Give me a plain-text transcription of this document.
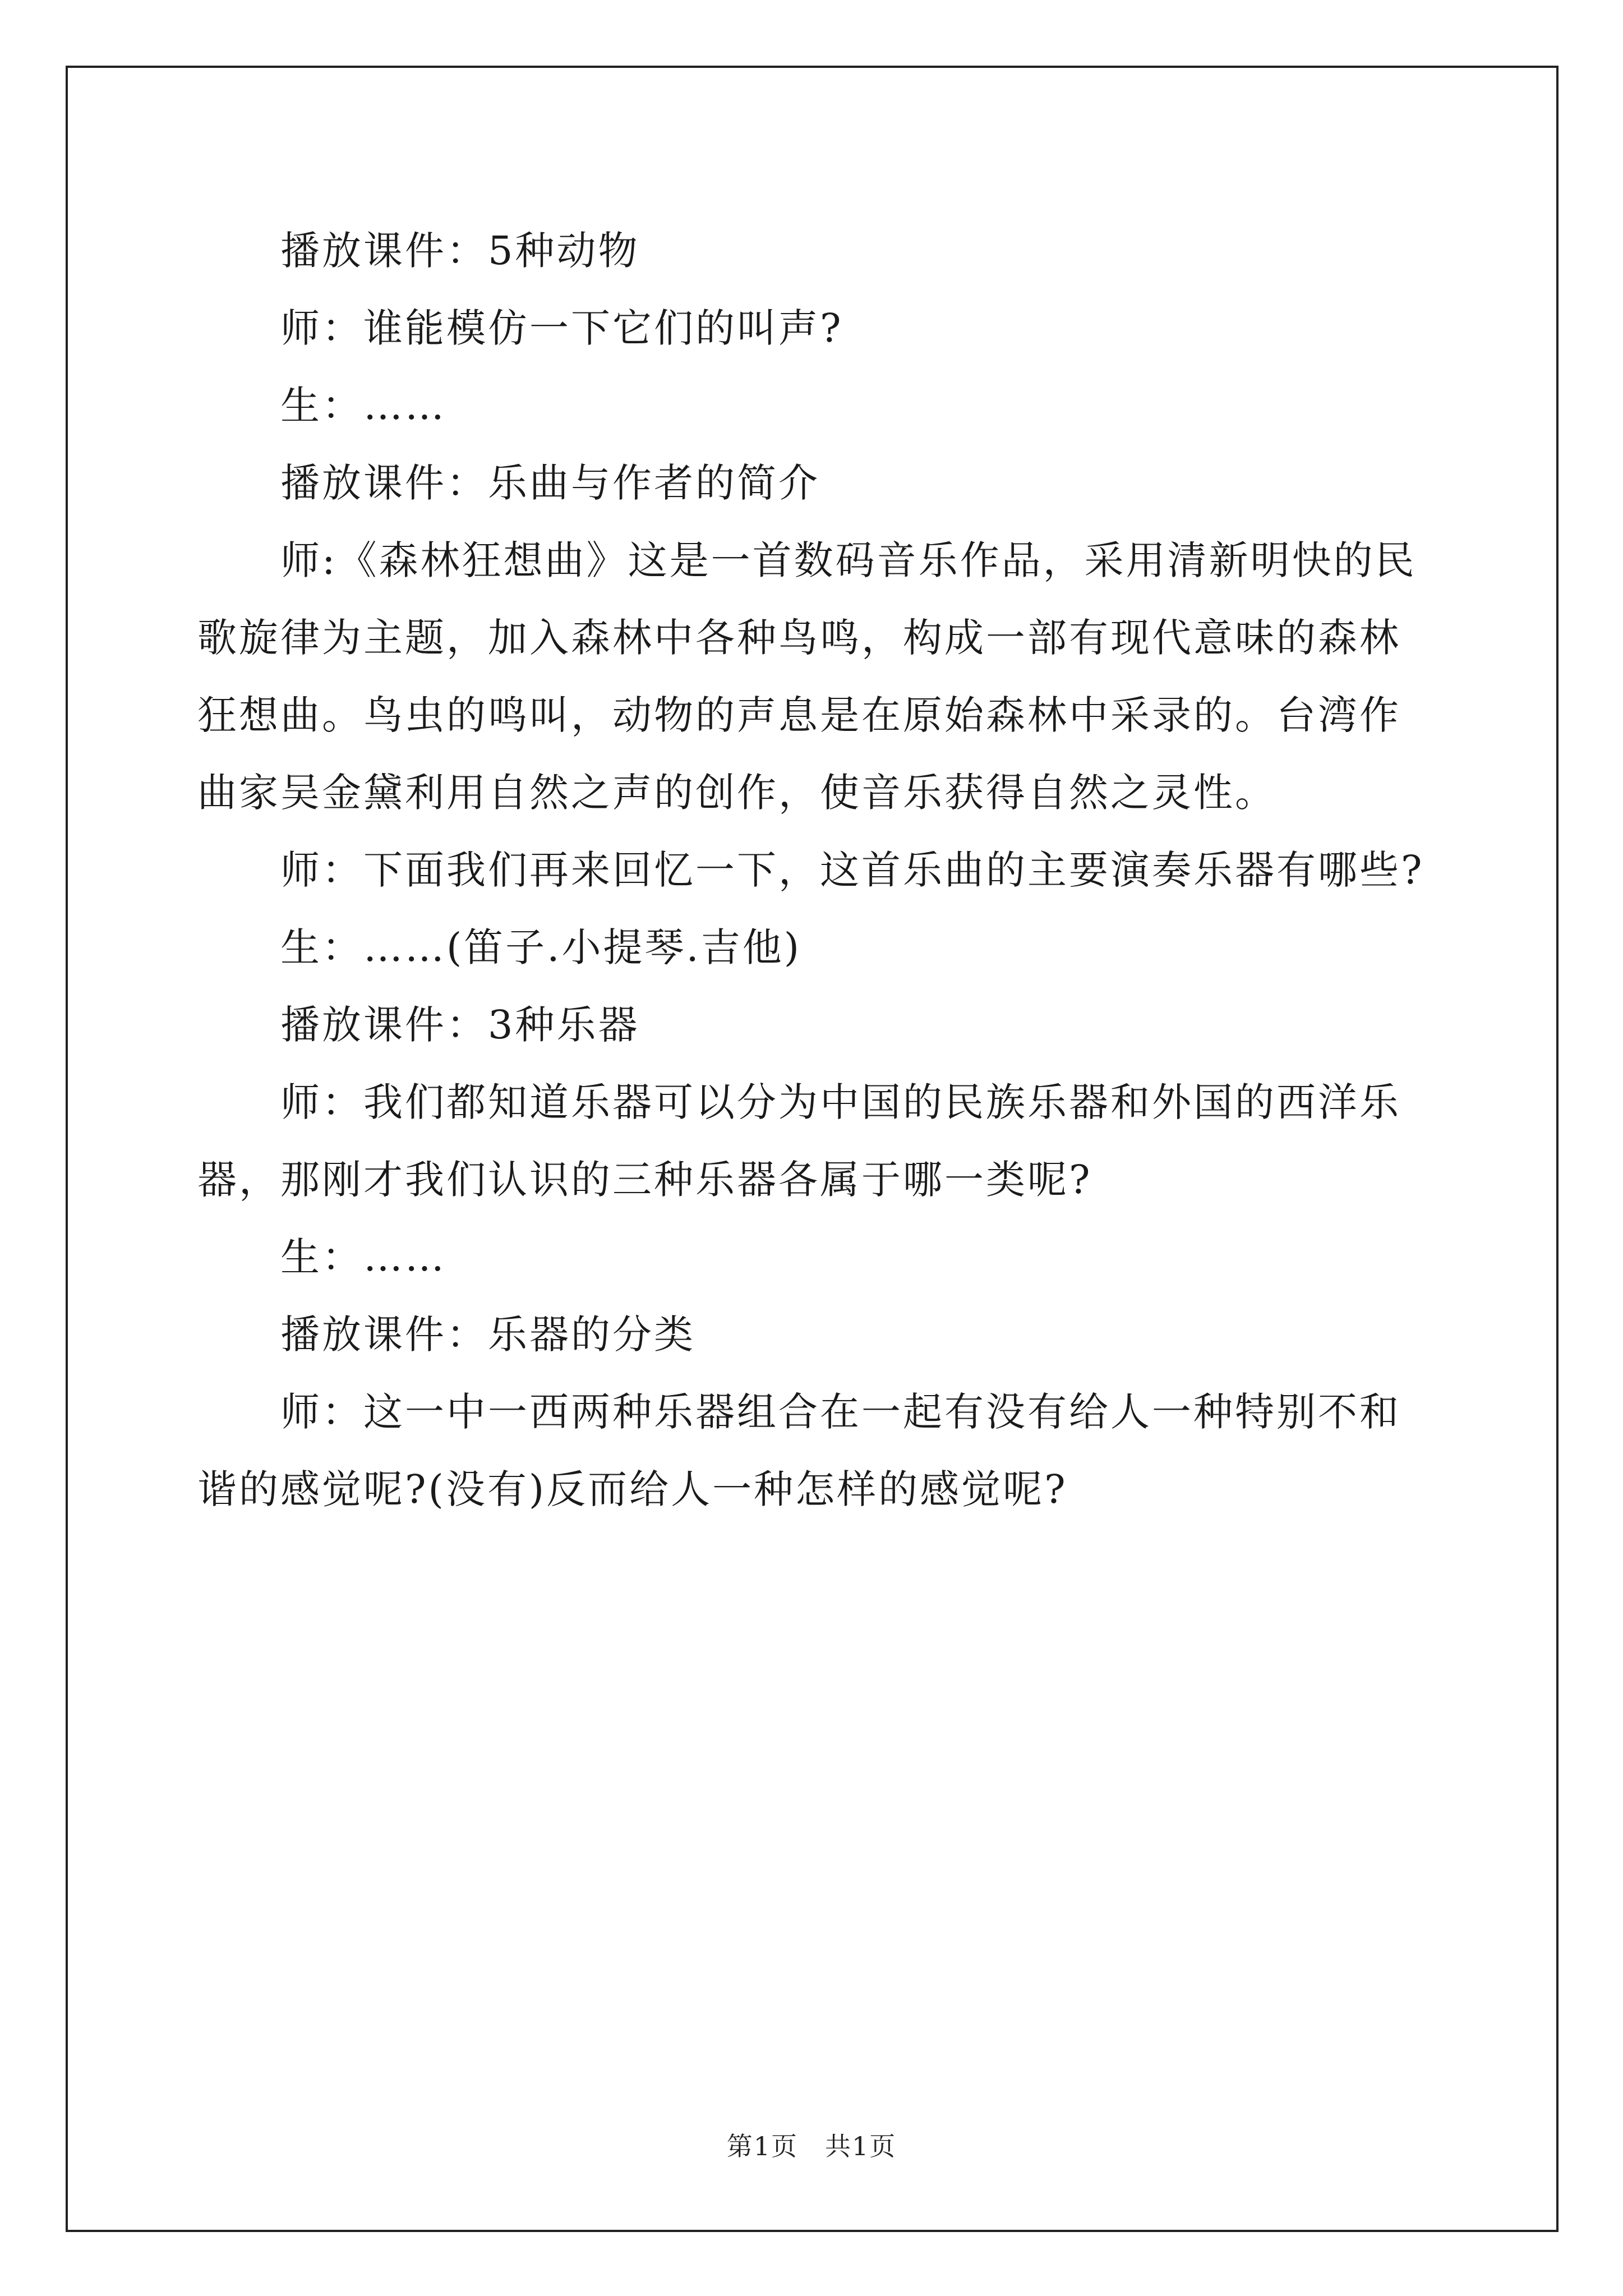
播放课件：5种动物

师：谁能模仿一下它们的叫声?

生：……

播放课件：乐曲与作者的简介

师:《森林狂想曲》这是一首数码音乐作品，采用清新明快的民歌旋律为主题，加入森林中各种鸟鸣，构成一部有现代意味的森林狂想曲。鸟虫的鸣叫，动物的声息是在原始森林中采录的。台湾作曲家吴金黛利用自然之声的创作，使音乐获得自然之灵性。

师：下面我们再来回忆一下，这首乐曲的主要演奏乐器有哪些?

生：……(笛子.小提琴.吉他)

播放课件：3种乐器

师：我们都知道乐器可以分为中国的民族乐器和外国的西洋乐器，那刚才我们认识的三种乐器各属于哪一类呢?

生：……

播放课件：乐器的分类

师：这一中一西两种乐器组合在一起有没有给人一种特别不和谐的感觉呢?(没有)反而给人一种怎样的感觉呢?

第1页　共1页
